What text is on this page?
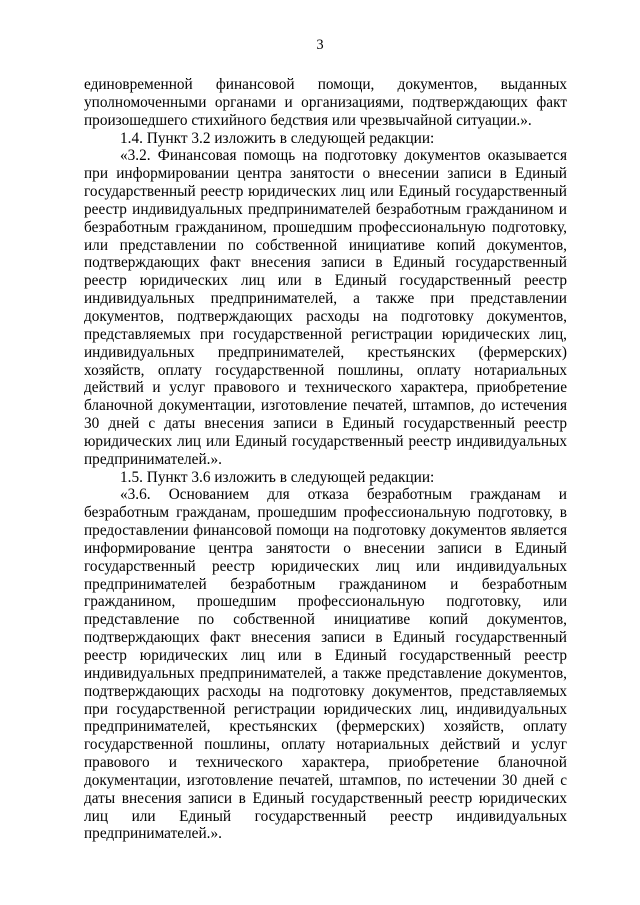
3

единовременной финансовой помощи, документов, выданных уполномоченными органами и организациями, подтверждающих факт произошедшего стихийного бедствия или чрезвычайной ситуации.».

1.4. Пункт 3.2 изложить в следующей редакции:

«3.2. Финансовая помощь на подготовку документов оказывается при информировании центра занятости о внесении записи в Единый государственный реестр юридических лиц или Единый государственный реестр индивидуальных предпринимателей безработным гражданином и безработным гражданином, прошедшим профессиональную подготовку, или представлении по собственной инициативе копий документов, подтверждающих факт внесения записи в Единый государственный реестр юридических лиц или в Единый государственный реестр индивидуальных предпринимателей, а также при представлении документов, подтверждающих расходы на подготовку документов, представляемых при государственной регистрации юридических лиц, индивидуальных предпринимателей, крестьянских (фермерских) хозяйств, оплату государственной пошлины, оплату нотариальных действий и услуг правового и технического характера, приобретение бланочной документации, изготовление печатей, штампов, до истечения 30 дней с даты внесения записи в Единый государственный реестр юридических лиц или Единый государственный реестр индивидуальных предпринимателей.».

1.5. Пункт 3.6 изложить в следующей редакции:

«3.6. Основанием для отказа безработным гражданам и безработным гражданам, прошедшим профессиональную подготовку, в предоставлении финансовой помощи на подготовку документов является информирование центра занятости о внесении записи в Единый государственный реестр юридических лиц или индивидуальных предпринимателей безработным гражданином и безработным гражданином, прошедшим профессиональную подготовку, или представление по собственной инициативе копий документов, подтверждающих факт внесения записи в Единый государственный реестр юридических лиц или в Единый государственный реестр индивидуальных предпринимателей, а также представление документов, подтверждающих расходы на подготовку документов, представляемых при государственной регистрации юридических лиц, индивидуальных предпринимателей, крестьянских (фермерских) хозяйств, оплату государственной пошлины, оплату нотариальных действий и услуг правового и технического характера, приобретение бланочной документации, изготовление печатей, штампов, по истечении 30 дней с даты внесения записи в Единый государственный реестр юридических лиц или Единый государственный реестр индивидуальных предпринимателей.».
